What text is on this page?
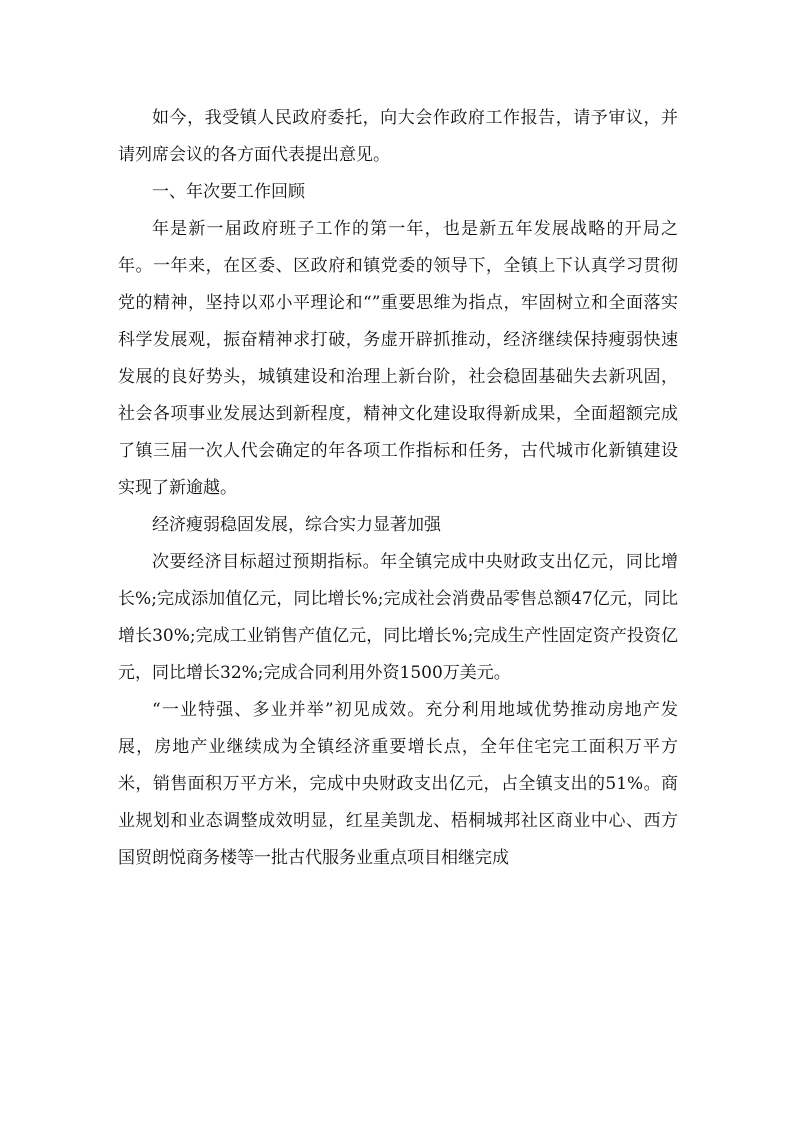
如今，我受镇人民政府委托，向大会作政府工作报告，请予审议，并请列席会议的各方面代表提出意见。

一、年次要工作回顾

年是新一届政府班子工作的第一年，也是新五年发展战略的开局之年。一年来，在区委、区政府和镇党委的领导下，全镇上下认真学习贯彻党的精神，坚持以邓小平理论和“”重要思维为指点，牢固树立和全面落实科学发展观，振奋精神求打破，务虚开辟抓推动，经济继续保持瘦弱快速发展的良好势头，城镇建设和治理上新台阶，社会稳固基础失去新巩固，社会各项事业发展达到新程度，精神文化建设取得新成果，全面超额完成了镇三届一次人代会确定的年各项工作指标和任务，古代城市化新镇建设实现了新逾越。

经济瘦弱稳固发展，综合实力显著加强

次要经济目标超过预期指标。年全镇完成中央财政支出亿元，同比增长%;完成添加值亿元，同比增长%;完成社会消费品零售总额47亿元，同比增长30%;完成工业销售产值亿元，同比增长%;完成生产性固定资产投资亿元，同比增长32%;完成合同利用外资1500万美元。

“一业特强、多业并举”初见成效。充分利用地域优势推动房地产发展，房地产业继续成为全镇经济重要增长点，全年住宅完工面积万平方米，销售面积万平方米，完成中央财政支出亿元，占全镇支出的51%。商业规划和业态调整成效明显，红星美凯龙、梧桐城邦社区商业中心、西方国贸朗悦商务楼等一批古代服务业重点项目相继完成
